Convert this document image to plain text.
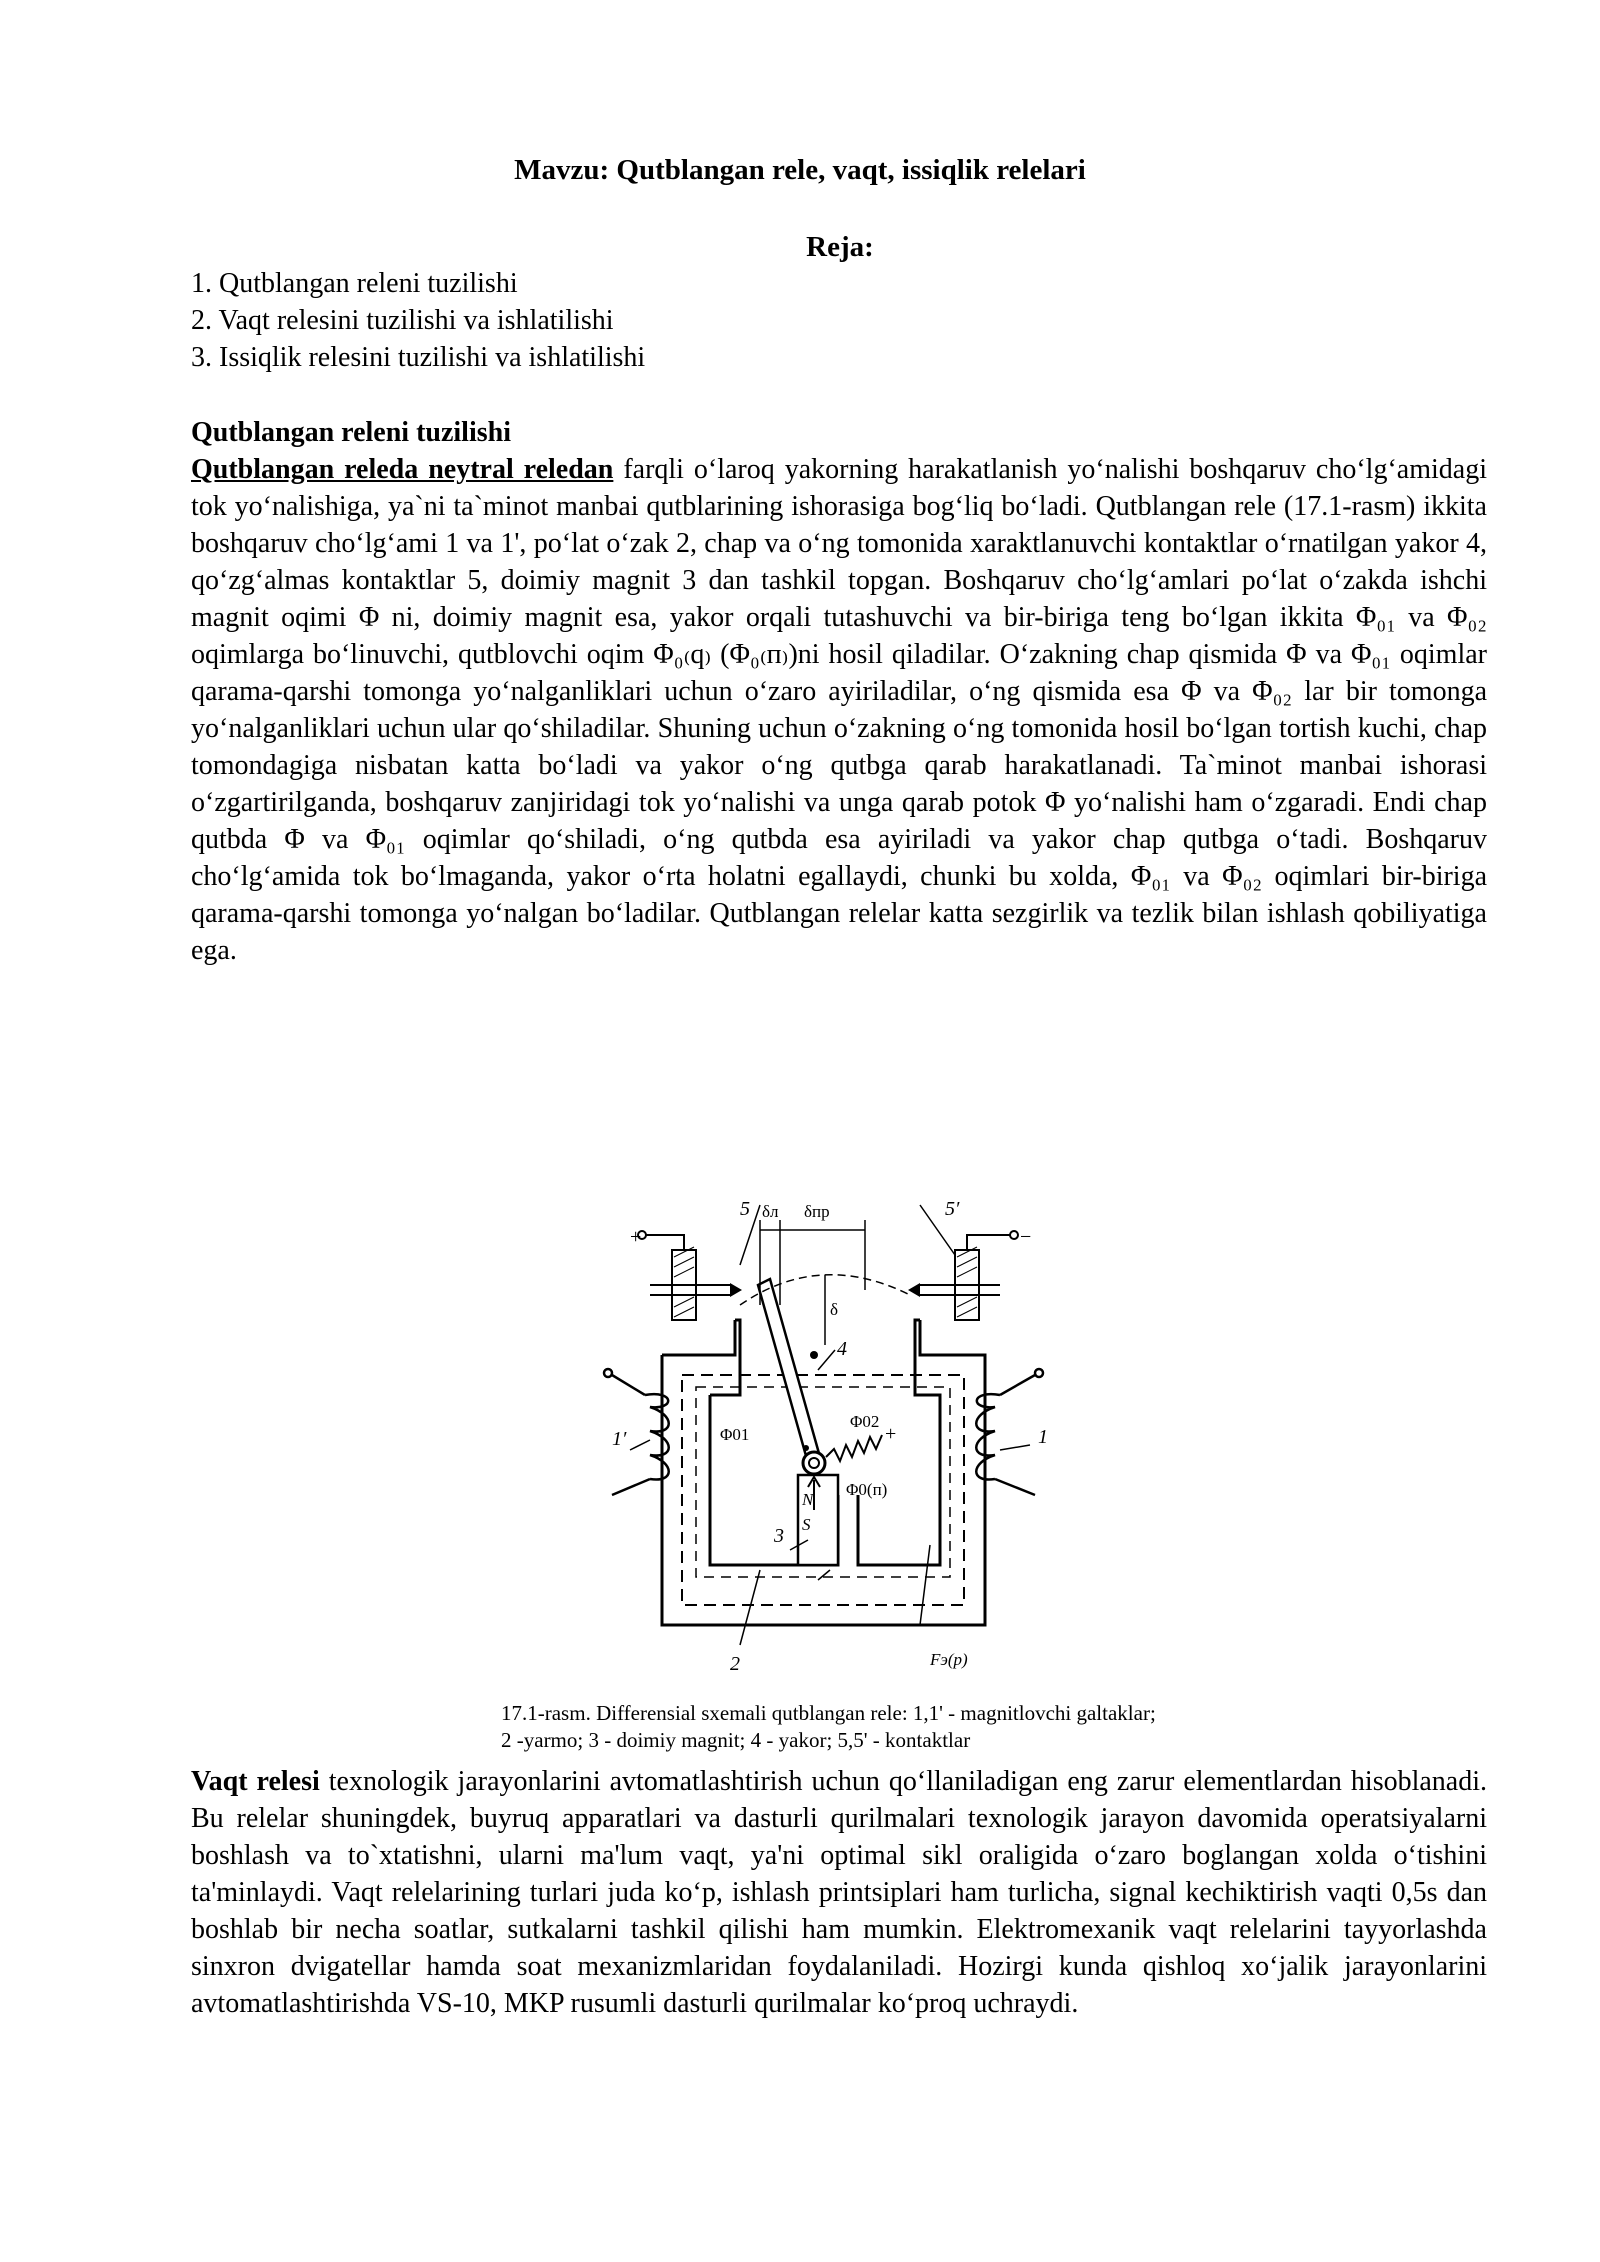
Mavzu: Qutblangan rele, vaqt, issiqlik relelari
Reja:
1. Qutblangan releni tuzilishi
2. Vaqt relesini tuzilishi va ishlatilishi
3. Issiqlik relesini tuzilishi va ishlatilishi
Qutblangan releni tuzilishi

Qutblangan releda neytral reledan farqli oʻlaroq yakorning harakatlanish yoʻnalishi boshqaruv choʻlgʻamidagi tok yoʻnalishiga, ya`ni ta`minot manbai qutblarining ishorasiga bogʻliq boʻladi. Qutblangan rele (17.1-rasm) ikkita boshqaruv choʻlgʻami 1 va 1', poʻlat oʻzak 2, chap va oʻng tomonida xaraktlanuvchi kontaktlar oʻrnatilgan yakor 4, qoʻzgʻalmas kontaktlar 5, doimiy magnit 3 dan tashkil topgan. Boshqaruv choʻlgʻamlari poʻlat oʻzakda ishchi magnit oqimi Φ ni, doimiy magnit esa, yakor orqali tutashuvchi va bir-biriga teng boʻlgan ikkita Φ₀₁ va Φ₀₂ oqimlarga boʻlinuvchi, qutblovchi oqim Φ₀₍q₎ (Φ₀₍п₎)ni hosil qiladilar. Oʻzakning chap qismida Φ va Φ₀₁ oqimlar qarama-qarshi tomonga yoʻnalganliklari uchun oʻzaro ayiriladilar, oʻng qismida esa Φ va Φ₀₂ lar bir tomonga yoʻnalganliklari uchun ular qoʻshiladilar. Shuning uchun oʻzakning oʻng tomonida hosil boʻlgan tortish kuchi, chap tomondagiga nisbatan katta boʻladi va yakor oʻng qutbga qarab harakatlanadi. Ta`minot manbai ishorasi oʻzgartirilganda, boshqaruv zanjiridagi tok yoʻnalishi va unga qarab potok Φ yoʻnalishi ham oʻzgaradi. Endi chap qutbda Φ va Φ₀₁ oqimlar qoʻshiladi, oʻng qutbda esa ayiriladi va yakor chap qutbga oʻtadi. Boshqaruv choʻlgʻamida tok boʻlmaganda, yakor oʻrta holatni egallaydi, chunki bu xolda, Φ₀₁ va Φ₀₂ oqimlari bir-biriga qarama-qarshi tomonga yoʻnalgan boʻladilar. Qutblangan relelar katta sezgirlik va tezlik bilan ishlash qobiliyatiga ega.

5	5′
δл δпр
δ
4
+	−
Φ01
Φ02
+
1′	1
N
S
Φ0(п)
3
2	Fэ(р)
17.1-rasm. Differensial sxemali qutblangan rele: 1,1' - magnitlovchi galtaklar;
2 -yarmo; 3 - doimiy magnit; 4 - yakor; 5,5' - kontaktlar

Vaqt relesi texnologik jarayonlarini avtomatlashtirish uchun qoʻllaniladigan eng zarur elementlardan hisoblanadi. Bu relelar shuningdek, buyruq apparatlari va dasturli qurilmalari texnologik jarayon davomida operatsiyalarni boshlash va to`xtatishni, ularni ma'lum vaqt, ya'ni optimal sikl oraligida oʻzaro boglangan xolda oʻtishini ta'minlaydi. Vaqt relelarining turlari juda koʻp, ishlash printsiplari ham turlicha, signal kechiktirish vaqti 0,5s dan boshlab bir necha soatlar, sutkalarni tashkil qilishi ham mumkin. Elektromexanik vaqt relelarini tayyorlashda sinxron dvigatellar hamda soat mexanizmlaridan foydalaniladi. Hozirgi kunda qishloq xoʻjalik jarayonlarini avtomatlashtirishda VS-10, MKP rusumli dasturli qurilmalar koʻproq uchraydi.
